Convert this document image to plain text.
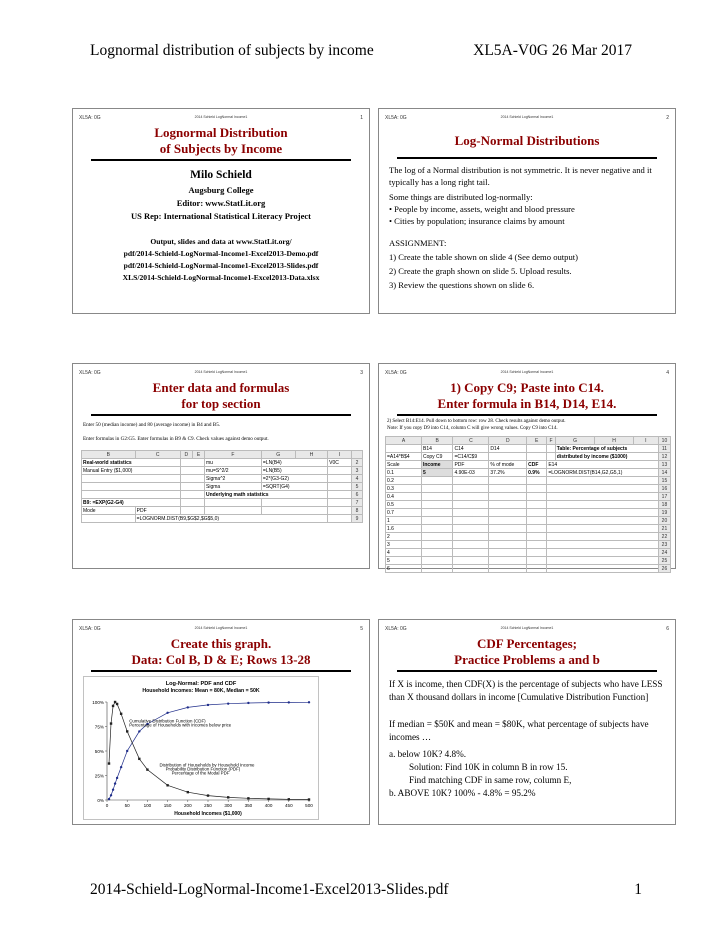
Lognormal distribution of subjects by income	XL5A-V0G 26 Mar 2017
2014-Schield-LogNormal-Income1-Excel2013-Slides.pdf	1
XL5A: 0G	2014 Schield LogNormal Income1	1
Lognormal Distribution
of Subjects by Income
Milo Schield
Augsburg College
Editor: www.StatLit.org
US Rep: International Statistical Literacy Project
Output, slides and data at www.StatLit.org/
pdf/2014-Schield-LogNormal-Income1-Excel2013-Demo.pdf
pdf/2014-Schield-LogNormal-Income1-Excel2013-Slides.pdf
XLS/2014-Schield-LogNormal-Income1-Excel2013-Data.xlsx
XL5A: 0G	2014 Schield LogNormal Income1	2
Log-Normal Distributions
The log of a Normal distribution is not symmetric. It is never negative and it typically has a long right tail.
Some things are distributed log-normally:
• People by income, assets, weight and blood pressure
• Cities by population; insurance claims by amount
ASSIGNMENT:
1) Create the table shown on slide 4 (See demo output)
2) Create the graph shown on slide 5. Upload results.
3) Review the questions shown on slide 6.
XL5A: 0G	2014 Schield LogNormal Income1	3
Enter data and formulas
for top section
Enter 50 (median income) and 80 (average income) in B4 and B5.
Enter formulas in G2:G5. Enter formulas in B9 & C9. Check values against demo output.
B	C	D	E	F	G	H	I	
Real-world statistics				mu	=LN(B4)		V0C	2
Manual Entry ($1,000)				mu=S^2/2	=LN(B5)			3
				Sigma^2	=2*(G3-G2)			4
				Sigma	=SQRT(G4)			5
				Underlying math statistics				6
B9: =EXP(G2-G4)								7
Mode	PDF							8
	=LOGNORM.DIST(B9,$G$2,$G$5,0)							9
XL5A: 0G	2014 Schield LogNormal Income1	4
1) Copy C9; Paste into C14.
Enter formula in B14, D14, E14.
2) Select B14:E14. Pull down to bottom row: row 28. Check results against demo output.
Note: If you copy D9 into C14, column C will give wrong values. Copy C9 into C14.
A	B	C	D	E	F	G	H	I	10
	B14	C14	D14			Table: Percentage of subjects			11
=A14*B$4	Copy C9	=C14/C$9				distributed by income ($1000)			12
Scale	Income	PDF	% of mode	CDF	E14				13
0.1	5	4.90E-03	37.2%	0.9%	=LOGNORM.DIST(B14,G2,G5,1)				14
0.2									15
0.3									16
0.4									17
0.5									18
0.7									19
1									20
1.6									21
2									22
3									23
4									24
5									25
6									26
XL5A: 0G	2014 Schield LogNormal Income1	5
Create this graph.
Data: Col B, D & E; Rows 13-28
Log-Normal: PDF and CDF
Household Incomes: Mean = 80K, Median = 50K
0%
25%
50%
75%
100%
0	50	100	150	200	250	300	350	400	450	500
Household Incomes ($1,000)
Cumulative Distribution Function (CDF)
Percentage of Households with Incomes below price
Distribution of Households by Household Income
Probability Distribution Function (PDF)
Percentage of the Modal PDF
XL5A: 0G	2014 Schield LogNormal Income1	6
CDF Percentages;
Practice Problems a and b
If X is income, then CDF(X) is the percentage of subjects who have LESS than X thousand dollars in income [Cumulative Distribution Function]
If median = $50K and mean = $80K, what percentage of subjects have incomes …
a. below 10K? 4.8%.
Solution: Find 10K in column B in row 15.
Find matching CDF in same row, column E,
b. ABOVE 10K? 100% - 4.8% = 95.2%
